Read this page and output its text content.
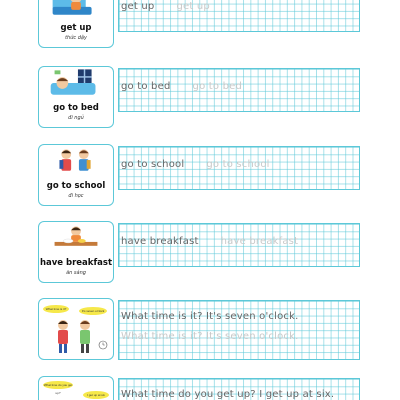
get up
thức dậy
get up get up
go to bed
đi ngủ
go to bed go to bed
go to school
đi học
go to school go to school
have breakfast
ăn sáng
have breakfast have breakfast
What time is it?	It's seven o'clock What time is it? It's seven o'clock.
What time is it? It's seven o'clock.
What time do you get up?	I get up at six	What time do you get up? I get up at six.
